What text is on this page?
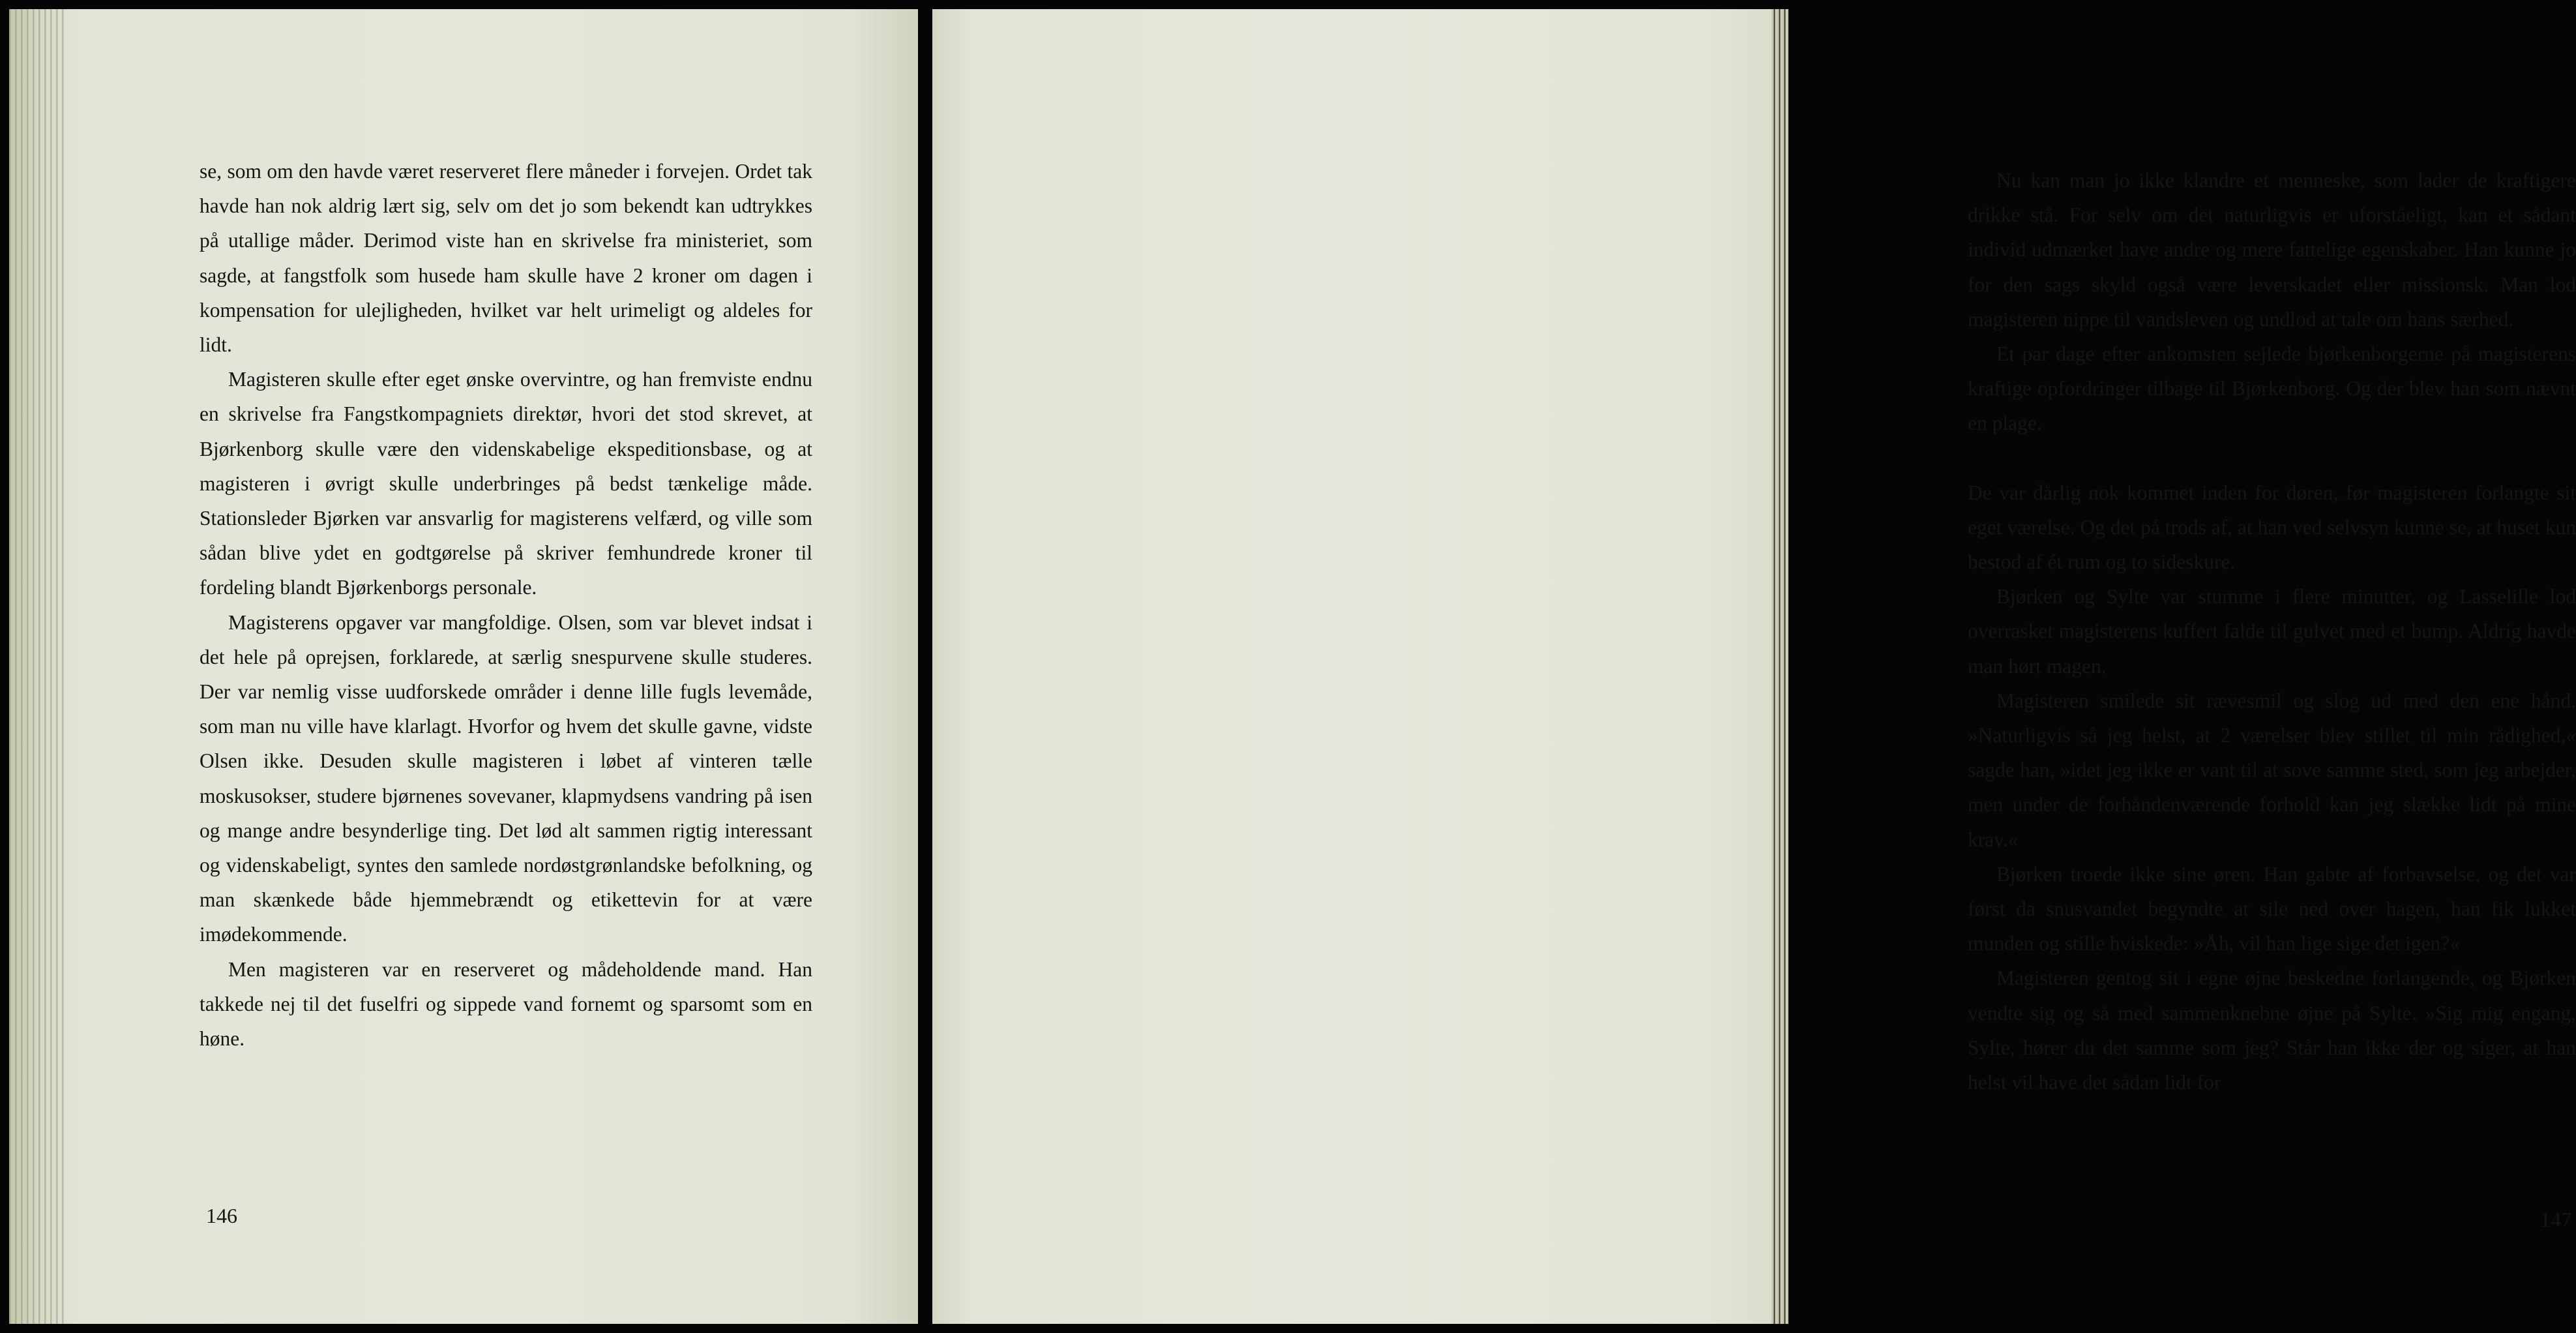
se, som om den havde været reserveret flere måneder i forvejen. Ordet tak havde han nok aldrig lært sig, selv om det jo som bekendt kan udtrykkes på utallige måder. Derimod viste han en skrivelse fra ministeriet, som sagde, at fangstfolk som husede ham skulle have 2 kroner om dagen i kompensation for ulejligheden, hvilket var helt urimeligt og aldeles for lidt.

Magisteren skulle efter eget ønske overvintre, og han fremviste endnu en skrivelse fra Fangstkompagniets direktør, hvori det stod skrevet, at Bjørkenborg skulle være den videnskabelige ekspeditionsbase, og at magisteren i øvrigt skulle underbringes på bedst tænkelige måde. Stationsleder Bjørken var ansvarlig for magisterens velfærd, og ville som sådan blive ydet en godtgørelse på skriver femhundrede kroner til fordeling blandt Bjørkenborgs personale.

Magisterens opgaver var mangfoldige. Olsen, som var blevet indsat i det hele på oprejsen, forklarede, at særlig snespurvene skulle studeres. Der var nemlig visse uudforskede områder i denne lille fugls levemåde, som man nu ville have klarlagt. Hvorfor og hvem det skulle gavne, vidste Olsen ikke. Desuden skulle magisteren i løbet af vinteren tælle moskusokser, studere bjørnenes sovevaner, klapmydsens vandring på isen og mange andre besynderlige ting. Det lød alt sammen rigtig interessant og videnskabeligt, syntes den samlede nordøstgrønlandske befolkning, og man skænkede både hjemmebrændt og etikettevin for at være imødekommende.

Men magisteren var en reserveret og mådeholdende mand. Han takkede nej til det fuselfri og sippede vand fornemt og sparsomt som en høne.

146

Nu kan man jo ikke klandre et menneske, som lader de kraftigere drikke stå. For selv om det naturligvis er uforståeligt, kan et sådant individ udmærket have andre og mere fattelige egenskaber. Han kunne jo for den sags skyld også være leverskadet eller missionsk. Man lod magisteren nippe til vandsleven og undlod at tale om hans særhed.

Et par dage efter ankomsten sejlede bjørkenborgerne på magisterens kraftige opfordringer tilbage til Bjørkenborg. Og der blev han som nævnt en plage.

De var dårlig nok kommet inden for døren, før magisteren forlangte sit eget værelse. Og det på trods af, at han ved selvsyn kunne se, at huset kun bestod af ét rum og to sideskure.

Bjørken og Sylte var stumme i flere minutter, og Lasselille lod overrasket magisterens kuffert falde til gulvet med et bump. Aldrig havde man hørt magen.

Magisteren smilede sit rævesmil og slog ud med den ene hånd. »Naturligvis så jeg helst, at 2 værelser blev stillet til min rådighed,« sagde han, »idet jeg ikke er vant til at sove samme sted, som jeg arbejder, men under de forhåndenværende forhold kan jeg slække lidt på mine krav.«

Bjørken troede ikke sine øren. Han gabte af forbavselse, og det var først da snusvandet begyndte at sile ned over hagen, han fik lukket munden og stille hviskede: »Åh, vil han lige sige det igen?«

Magisteren gentog sit i egne øjne beskedne forlangende, og Bjørken vendte sig og så med sammenknebne øjne på Sylte. »Sig mig engang, Sylte, hører du det samme som jeg? Står han ikke der og siger, at han helst vil have det sådan lidt for

147
